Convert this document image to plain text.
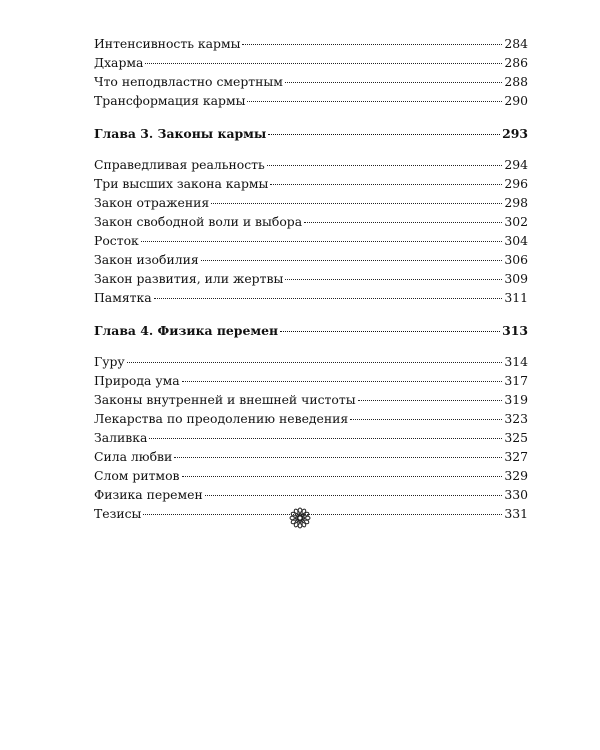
Интенсивность кармы	284
Дхарма	286
Что неподвластно смертным	288
Трансформация кармы	290
Глава 3. Законы кармы	293
Справедливая реальность	294
Три высших закона кармы	296
Закон отражения	298
Закон свободной воли и выбора	302
Росток	304
Закон изобилия	306
Закон развития, или жертвы	309
Памятка	311
Глава 4. Физика перемен	313
Гуру	314
Природа ума	317
Законы внутренней и внешней чистоты	319
Лекарства по преодолению неведения	323
Заливка	325
Сила любви	327
Слом ритмов	329
Физика перемен	330
Тезисы	331
